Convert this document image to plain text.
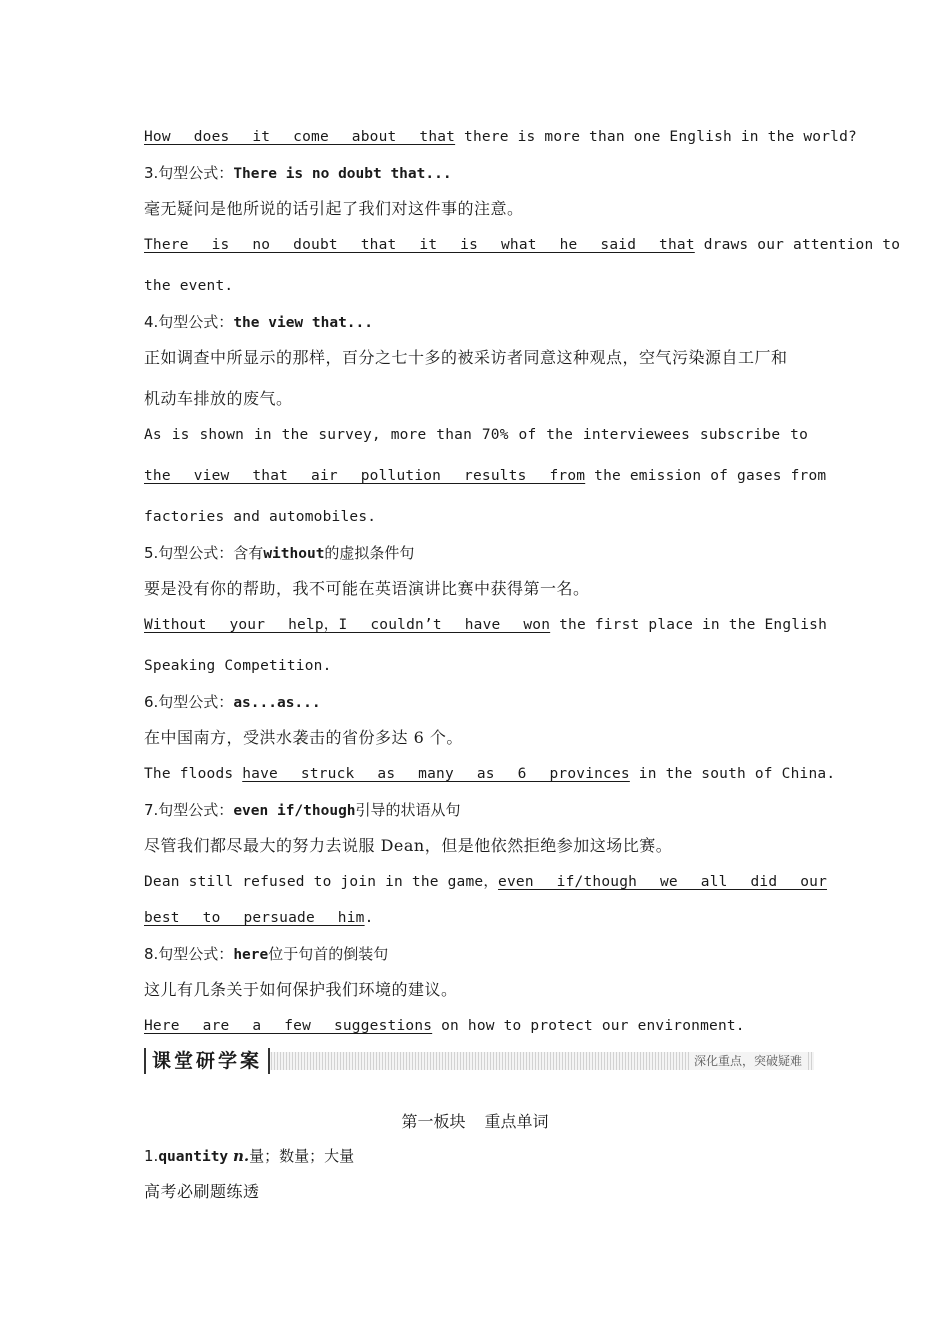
How does it come about that there is more than one English in the world?
3.句型公式：There is no doubt that...
毫无疑问是他所说的话引起了我们对这件事的注意。
There is no doubt that it is what he said that draws our attention to
the event.
4.句型公式：the view that...
正如调查中所显示的那样，百分之七十多的被采访者同意这种观点，空气污染源自工厂和
机动车排放的废气。
As is shown in the survey, more than 70% of the interviewees subscribe to
the view that air pollution results from the emission of gases from
factories and automobiles.
5.句型公式：含有without的虚拟条件句
要是没有你的帮助，我不可能在英语演讲比赛中获得第一名。
Without your help，I couldn’t have won the first place in the English
Speaking Competition.
6.句型公式：as...as...
在中国南方，受洪水袭击的省份多达 6 个。
The floods have struck as many as 6 provinces in the south of China.
7.句型公式：even if/though引导的状语从句
尽管我们都尽最大的努力去说服 Dean，但是他依然拒绝参加这场比赛。
Dean still refused to join in the game，even if/though we all did our
best to persuade him.
8.句型公式：here位于句首的倒装句
这儿有几条关于如何保护我们环境的建议。
Here are a few suggestions on how to protect our environment.
课堂研学案	深化重点，突破疑难
第一板块 重点单词
1.quantity n.量；数量；大量
高考必刷题练透
